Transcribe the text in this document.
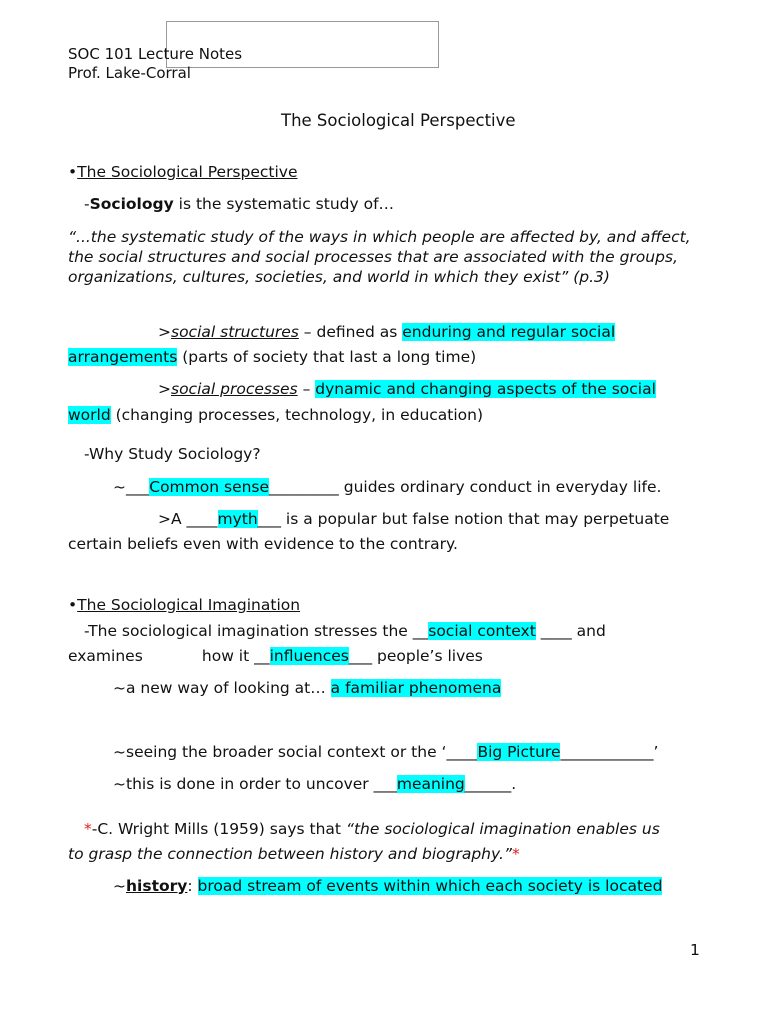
SOC 101 Lecture Notes
Prof. Lake-Corral
The Sociological Perspective
•The Sociological Perspective
-Sociology is the systematic study of…
“...the systematic study of the ways in which people are affected by, and affect, the social structures and social processes that are associated with the groups, organizations, cultures, societies, and world in which they exist” (p.3)
>social structures – defined as enduring and regular social
arrangements (parts of society that last a long time)
>social processes – dynamic and changing aspects of the social
world (changing processes, technology, in education)
-Why Study Sociology?
~___Common sense_________ guides ordinary conduct in everyday life.
>A ____myth___ is a popular but false notion that may perpetuate
certain beliefs even with evidence to the contrary.
•The Sociological Imagination
-The sociological imagination stresses the __social context ____ and
examines            how it __influences___ people’s lives
~a new way of looking at… a familiar phenomena
~seeing the broader social context or the ‘____Big Picture____________’
~this is done in order to uncover ___meaning______.
*-C. Wright Mills (1959) says that “the sociological imagination enables us
to grasp the connection between history and biography.”*
~history: broad stream of events within which each society is located
1
